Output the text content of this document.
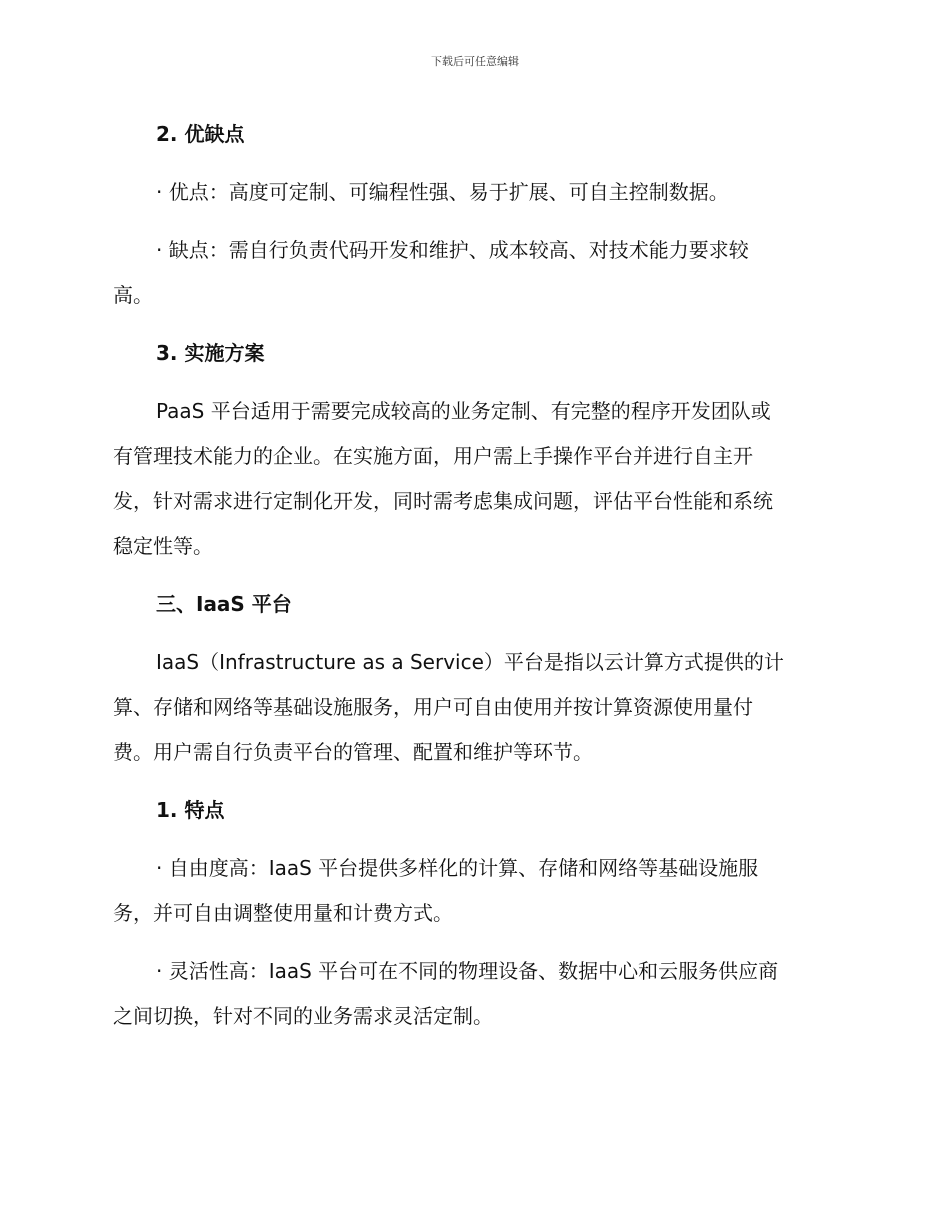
下载后可任意编辑
2. 优缺点
· 优点：高度可定制、可编程性强、易于扩展、可自主控制数据。
· 缺点：需自行负责代码开发和维护、成本较高、对技术能力要求较
高。
3. 实施方案
PaaS 平台适用于需要完成较高的业务定制、有完整的程序开发团队或
有管理技术能力的企业。在实施方面，用户需上手操作平台并进行自主开
发，针对需求进行定制化开发，同时需考虑集成问题，评估平台性能和系统
稳定性等。
三、IaaS 平台
IaaS（Infrastructure as a Service）平台是指以云计算方式提供的计
算、存储和网络等基础设施服务，用户可自由使用并按计算资源使用量付
费。用户需自行负责平台的管理、配置和维护等环节。
1. 特点
· 自由度高：IaaS 平台提供多样化的计算、存储和网络等基础设施服
务，并可自由调整使用量和计费方式。
· 灵活性高：IaaS 平台可在不同的物理设备、数据中心和云服务供应商
之间切换，针对不同的业务需求灵活定制。
